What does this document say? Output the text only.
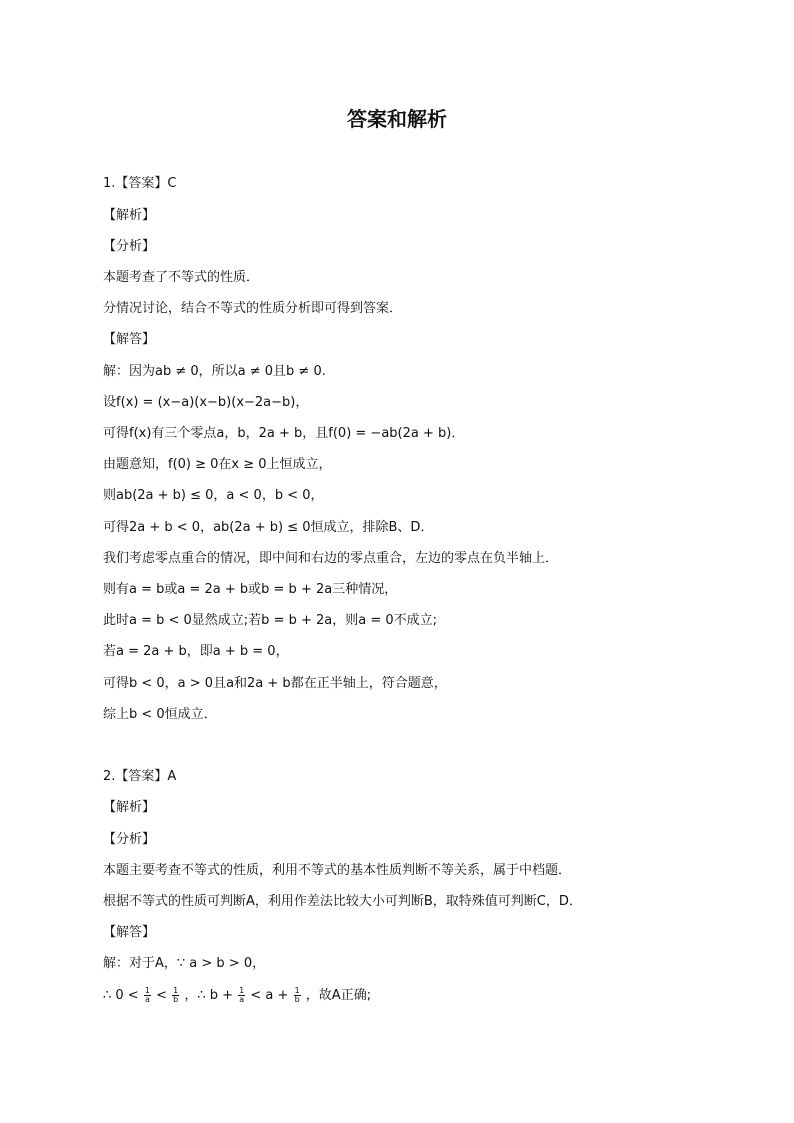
答案和解析
1.【答案】C
【解析】
【分析】
本题考查了不等式的性质．
分情况讨论，结合不等式的性质分析即可得到答案．
【解答】
解：因为ab ≠ 0，所以a ≠ 0且b ≠ 0.
设f(x) = (x−a)(x−b)(x−2a−b)，
可得f(x)有三个零点a，b，2a + b，且f(0) = −ab(2a + b)．
由题意知，f(0) ≥ 0在x ≥ 0上恒成立，
则ab(2a + b) ≤ 0，a < 0，b < 0，
可得2a + b < 0，ab(2a + b) ≤ 0恒成立，排除B、D．
我们考虑零点重合的情况，即中间和右边的零点重合，左边的零点在负半轴上．
则有a = b或a = 2a + b或b = b + 2a三种情况，
此时a = b < 0显然成立;若b = b + 2a，则a = 0不成立;
若a = 2a + b，即a + b = 0，
可得b < 0，a > 0且a和2a + b都在正半轴上，符合题意，
综上b < 0恒成立．
2.【答案】A
【解析】
【分析】
本题主要考查不等式的性质，利用不等式的基本性质判断不等关系，属于中档题．
根据不等式的性质可判断A，利用作差法比较大小可判断B，取特殊值可判断C，D．
【解答】
解：对于A，∵ a > b > 0，
∴ $0 < \frac{1}{a} < \frac{1}{b}$ ，∴ $b + \frac{1}{a} < a + \frac{1}{b}$ ，故A正确;
